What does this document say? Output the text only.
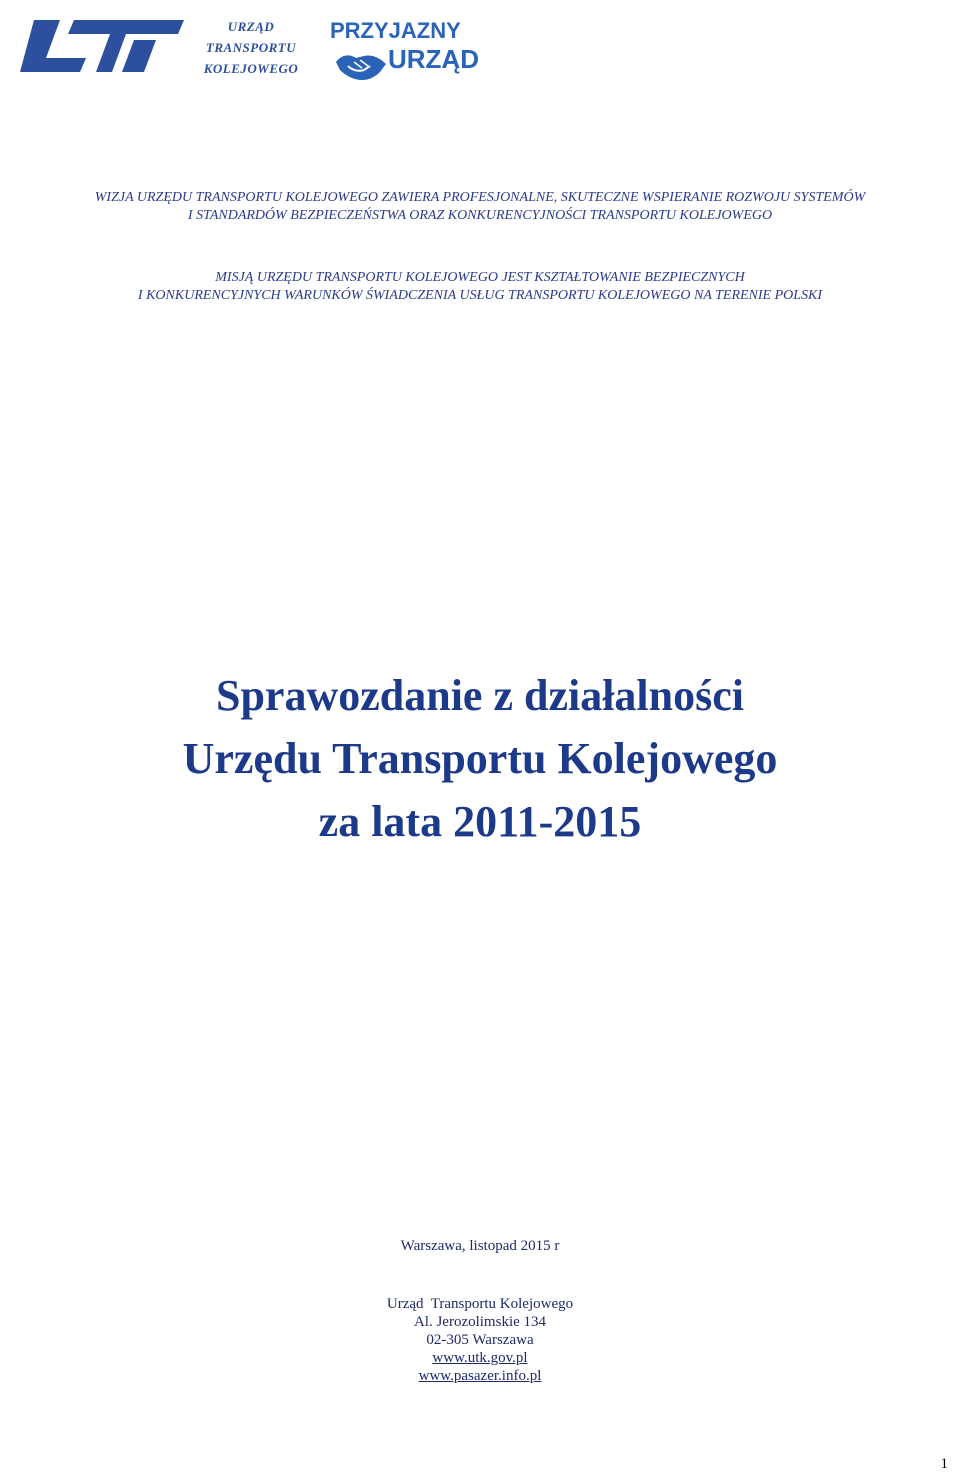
URZĄD
TRANSPORTU
KOLEJOWEGO
PRZYJAZNY
URZĄD
WIZJA URZĘDU TRANSPORTU KOLEJOWEGO ZAWIERA PROFESJONALNE, SKUTECZNE WSPIERANIE ROZWOJU SYSTEMÓW
I STANDARDÓW BEZPIECZEŃSTWA ORAZ KONKURENCYJNOŚCI TRANSPORTU KOLEJOWEGO
MISJĄ URZĘDU TRANSPORTU KOLEJOWEGO JEST KSZTAŁTOWANIE BEZPIECZNYCH
I KONKURENCYJNYCH WARUNKÓW ŚWIADCZENIA USŁUG TRANSPORTU KOLEJOWEGO NA TERENIE POLSKI
Sprawozdanie z działalności
Urzędu Transportu Kolejowego
za lata 2011-2015
Warszawa, listopad 2015 r
Urząd  Transportu Kolejowego
Al. Jerozolimskie 134
02-305 Warszawa
www.utk.gov.pl
www.pasazer.info.pl
1
